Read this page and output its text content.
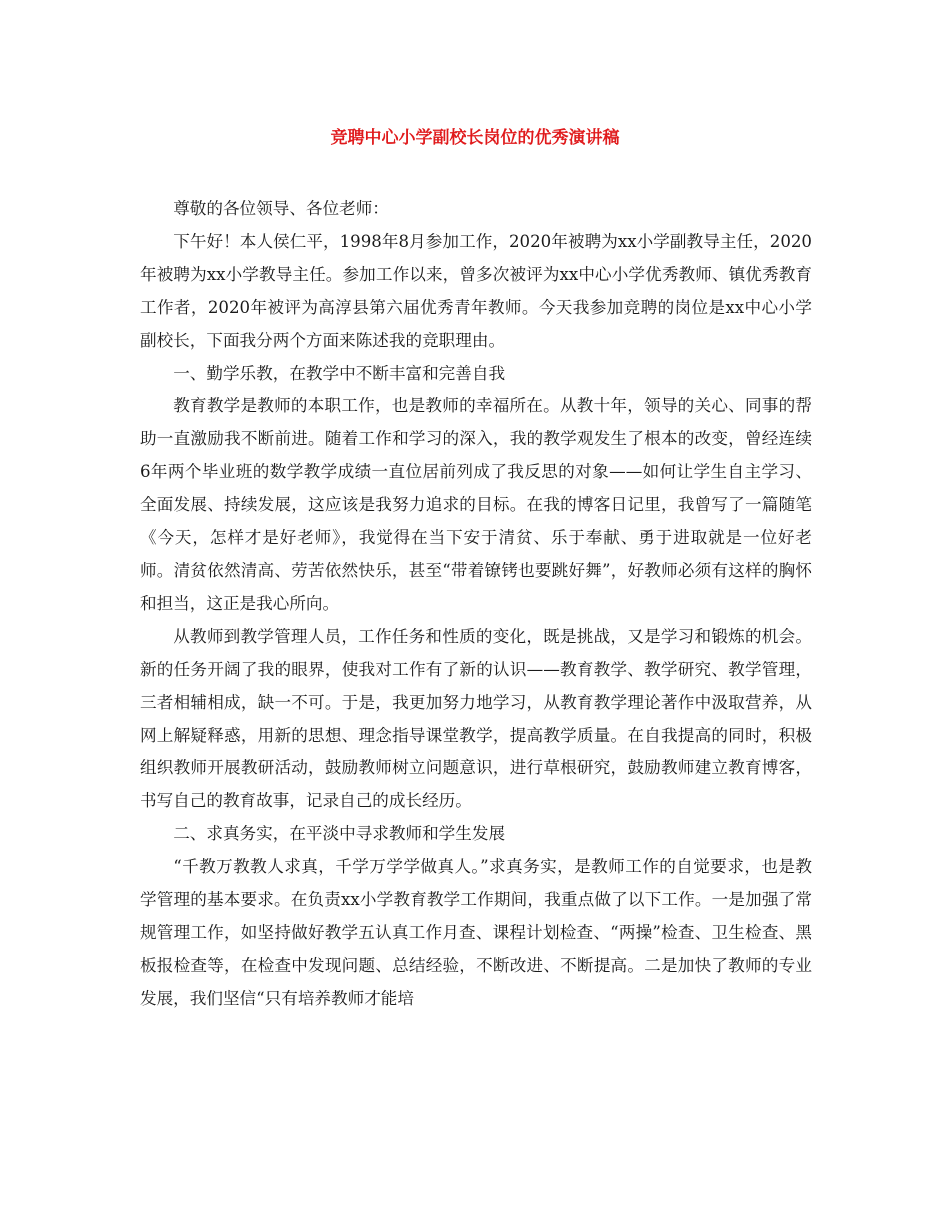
竞聘中心小学副校长岗位的优秀演讲稿

尊敬的各位领导、各位老师：

下午好！本人侯仁平，1998年8月参加工作，2020年被聘为xx小学副教导主任，2020年被聘为xx小学教导主任。参加工作以来，曾多次被评为xx中心小学优秀教师、镇优秀教育工作者，2020年被评为高淳县第六届优秀青年教师。今天我参加竞聘的岗位是xx中心小学副校长，下面我分两个方面来陈述我的竞职理由。

一、勤学乐教，在教学中不断丰富和完善自我

教育教学是教师的本职工作，也是教师的幸福所在。从教十年，领导的关心、同事的帮助一直激励我不断前进。随着工作和学习的深入，我的教学观发生了根本的改变，曾经连续6年两个毕业班的数学教学成绩一直位居前列成了我反思的对象——如何让学生自主学习、全面发展、持续发展，这应该是我努力追求的目标。在我的博客日记里，我曾写了一篇随笔《今天，怎样才是好老师》，我觉得在当下安于清贫、乐于奉献、勇于进取就是一位好老师。清贫依然清高、劳苦依然快乐，甚至“带着镣铐也要跳好舞”，好教师必须有这样的胸怀和担当，这正是我心所向。

从教师到教学管理人员，工作任务和性质的变化，既是挑战，又是学习和锻炼的机会。新的任务开阔了我的眼界，使我对工作有了新的认识——教育教学、教学研究、教学管理，三者相辅相成，缺一不可。于是，我更加努力地学习，从教育教学理论著作中汲取营养，从网上解疑释惑，用新的思想、理念指导课堂教学，提高教学质量。在自我提高的同时，积极组织教师开展教研活动，鼓励教师树立问题意识，进行草根研究，鼓励教师建立教育博客，书写自己的教育故事，记录自己的成长经历。

二、求真务实，在平淡中寻求教师和学生发展

“千教万教教人求真，千学万学学做真人。”求真务实，是教师工作的自觉要求，也是教学管理的基本要求。在负责xx小学教育教学工作期间，我重点做了以下工作。一是加强了常规管理工作，如坚持做好教学五认真工作月查、课程计划检查、“两操”检查、卫生检查、黑板报检查等，在检查中发现问题、总结经验，不断改进、不断提高。二是加快了教师的专业发展，我们坚信“只有培养教师才能培
